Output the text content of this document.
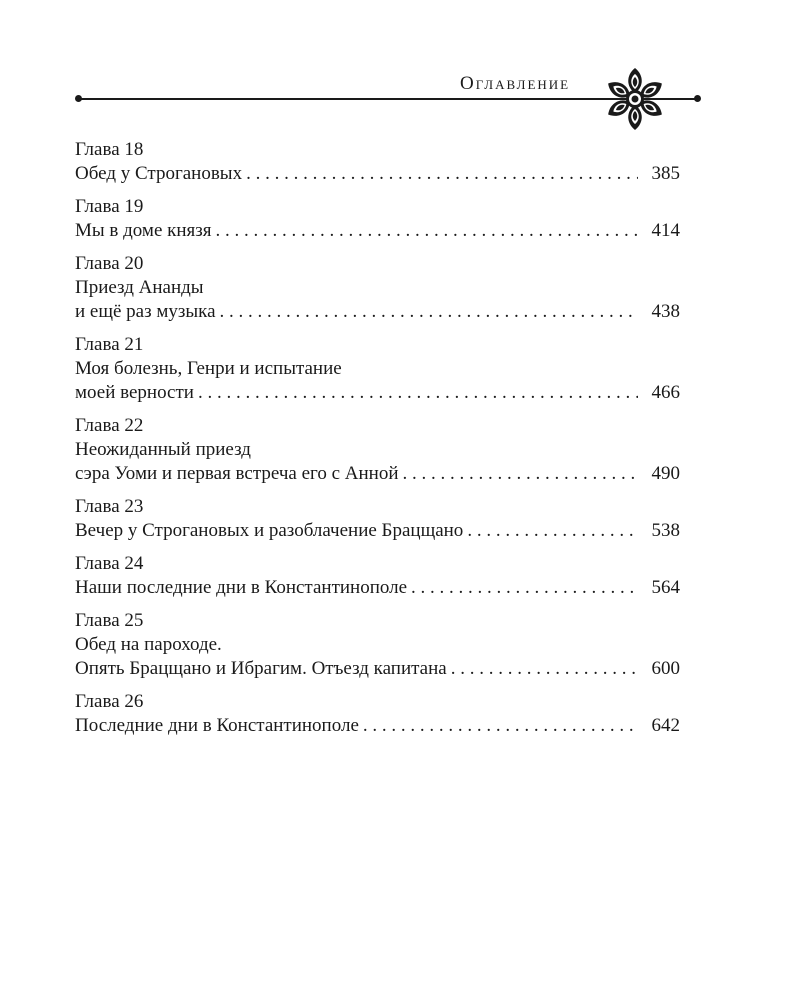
Оглавление
Глава 18
Обед у Строгановых . . .	385
Глава 19
Мы в доме князя . . .	414
Глава 20
Приезд Ананды
и ещё раз музыка . . .	438
Глава 21
Моя болезнь, Генри и испытание
моей верности . . .	466
Глава 22
Неожиданный приезд
сэра Уоми и первая встреча его с Анной . . .	490
Глава 23
Вечер у Строгановых и разоблачение Брацщано . . .	538
Глава 24
Наши последние дни в Константинополе . . .	564
Глава 25
Обед на пароходе.
Опять Брацщано и Ибрагим. Отъезд капитана . . .	600
Глава 26
Последние дни в Константинополе . . .	642
